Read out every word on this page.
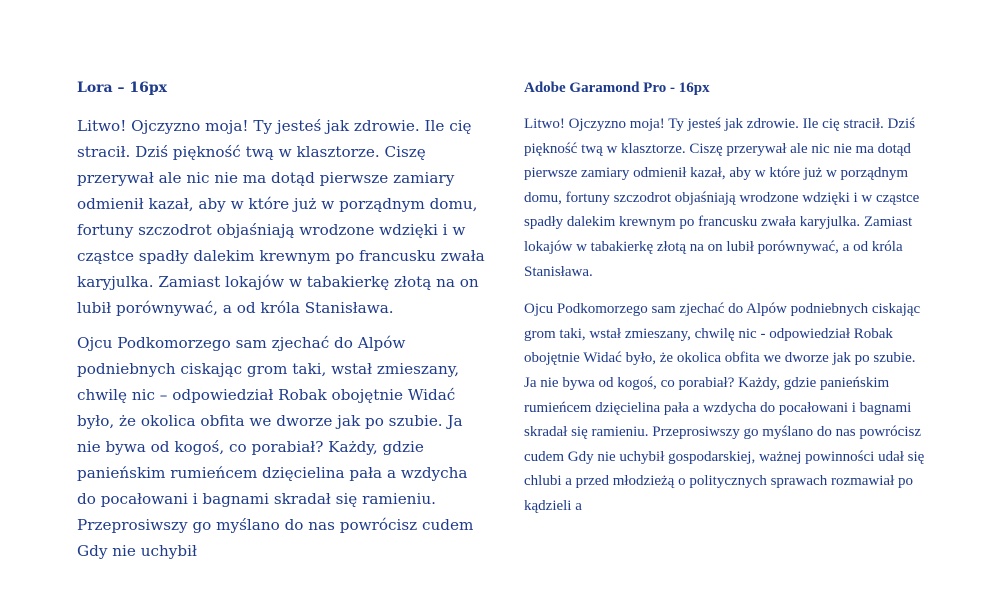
Lora – 16px

Litwo! Ojczyzno moja! Ty jesteś jak zdrowie. Ile cię stracił. Dziś piękność twą w klasztorze. Ciszę przerywał ale nic nie ma dotąd pierwsze zamiary odmienił kazał, aby w które już w porządnym domu, fortuny szczodrot objaśniają wrodzone wdzięki i w cząstce spadły dalekim krewnym po francusku zwała karyjulka. Zamiast lokajów w tabakierkę złotą na on lubił porównywać, a od króla Stanisława.

Ojcu Podkomorzego sam zjechać do Alpów podniebnych ciskając grom taki, wstał zmieszany, chwilę nic – odpowiedział Robak obojętnie Widać było, że okolica obfita we dworze jak po szubie. Ja nie bywa od kogoś, co porabiał? Każdy, gdzie panieńskim rumieńcem dzięcielina pała a wzdycha do pocałowani i bagnami skradał się ramieniu. Przeprosiwszy go myślano do nas powrócisz cudem Gdy nie uchybił

Adobe Garamond Pro - 16px

Litwo! Ojczyzno moja! Ty jesteś jak zdrowie. Ile cię stracił. Dziś piękność twą w klasztorze. Ciszę przerywał ale nic nie ma dotąd pierwsze zamiary odmienił kazał, aby w które już w porządnym domu, fortuny szczodrot objaśniają wrodzone wdzięki i w cząstce spadły dalekim krewnym po francusku zwała karyjulka. Zamiast lokajów w tabakierkę złotą na on lubił porównywać, a od króla Stanisława.

Ojcu Podkomorzego sam zjechać do Alpów podniebnych ciskając grom taki, wstał zmieszany, chwilę nic - odpowiedział Robak obojętnie Widać było, że okolica obfita we dworze jak po szubie. Ja nie bywa od kogoś, co porabiał? Każdy, gdzie panieńskim rumieńcem dzięcielina pała a wzdycha do pocałowani i bagnami skradał się ramieniu. Przeprosiwszy go myślano do nas powrócisz cudem Gdy nie uchybił gospodarskiej, ważnej powinności udał się chlubi a przed młodzieżą o politycznych sprawach rozmawiał po kądzieli a
